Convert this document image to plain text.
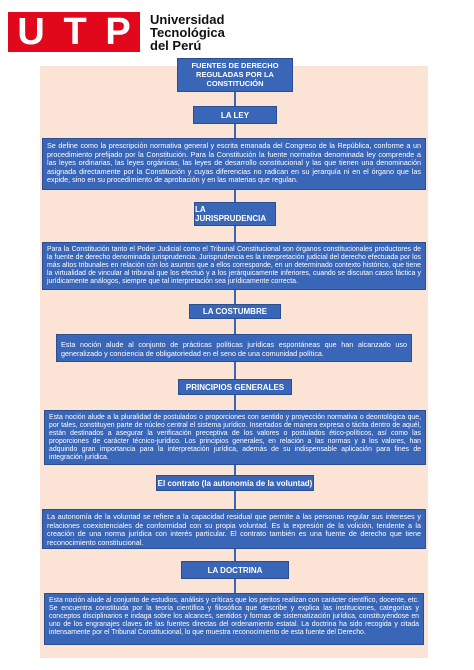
U T P Universidad
Tecnológica
del Perú
FUENTES DE DERECHO REGULADAS POR LA CONSTITUCIÓN
LA LEY
Se define como la prescripción normativa general y escrita emanada del Congreso de la República, conforme a un procedimiento prefijado por la Constitución. Para la Constitución la fuente normativa denominada ley comprende a las leyes ordinarias, las leyes orgánicas, las leyes de desarrollo constitucional y las que tienen una denominación asignada directamente por la Constitución y cuyas diferencias no radican en su jerarquía ni en el órgano que las expide, sino en su procedimiento de aprobación y en las materias que regulan.
LA JURISPRUDENCIA
Para la Constitución tanto el Poder Judicial como el Tribunal Constitucional son órganos constitucionales productores de la fuente de derecho denominada jurisprudencia. Jurisprudencia es la interpretación judicial del derecho efectuada por los más altos tribunales en relación con los asuntos que a ellos corresponde, en un determinado contexto histórico, que tiene la virtualidad de vincular al tribunal que los efectuó y a los jerárquicamente inferiores, cuando se discutan casos fáctica y jurídicamente análogos, siempre que tal interpretación sea jurídicamente correcta.
LA COSTUMBRE
Esta noción alude al conjunto de prácticas políticas jurídicas espontáneas que han alcanzado uso generalizado y conciencia de obligatoriedad en el seno de una comunidad política.
PRINCIPIOS GENERALES
Esta noción alude a la pluralidad de postulados o proporciones con sentido y proyección normativa o deontológica que, por tales, constituyen parte de núcleo central el sistema jurídico. Insertados de manera expresa o tácita dentro de aquél, están destinados a asegurar la verificación preceptiva de los valores o postulados ético-políticos, así como las proporciones de carácter técnico-jurídico. Los principios generales, en relación a las normas y a los valores, han adquirido gran importancia para la interpretación jurídica, además de su indispensable aplicación para fines de integración jurídica.
El contrato (la autonomía de la voluntad)
La autonomía de la voluntad se refiere a la capacidad residual que permite a las personas regular sus intereses y relaciones coexistenciales de conformidad con su propia voluntad. Es la expresión de la volición, tendente a la creación de una norma jurídica con interés particular. El contrato también es una fuente de derecho que tiene reconocimiento constitucional.
LA DOCTRINA
Esta noción alude al conjunto de estudios, análisis y críticas que los peritos realizan con carácter científico, docente, etc. Se encuentra constituida por la teoría científica y filosófica que describe y explica las instituciones, categorías y conceptos disciplinarios e indaga sobre los alcances, sentidos y formas de sistematización jurídica, constituyéndose en uno de los engranajes claves de las fuentes directas del ordenamiento estatal. La doctrina ha sido recogida y citada intensamente por el Tribunal Constitucional, lo que muestra reconocimiento de esta fuente del Derecho.
